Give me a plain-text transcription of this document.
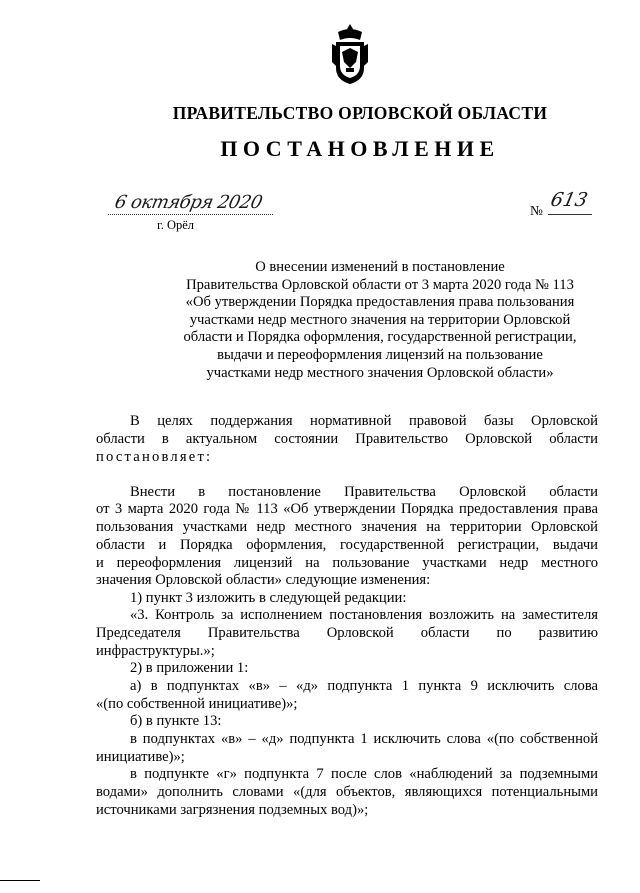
ПРАВИТЕЛЬСТВО ОРЛОВСКОЙ ОБЛАСТИ
ПОСТАНОВЛЕНИЕ
6 октября 2020
г. Орёл
№ 613
О внесении изменений в постановление
Правительства Орловской области от 3 марта 2020 года № 113
«Об утверждении Порядка предоставления права пользования
участками недр местного значения на территории Орловской
области и Порядка оформления, государственной регистрации,
выдачи и переоформления лицензий на пользование
участками недр местного значения Орловской области»
В целях поддержания нормативной правовой базы Орловской
области в актуальном состоянии Правительство Орловской области
постановляет:
Внести в постановление Правительства Орловской области
от 3 марта 2020 года № 113 «Об утверждении Порядка предоставления права
пользования участками недр местного значения на территории Орловской
области и Порядка оформления, государственной регистрации, выдачи
и переоформления лицензий на пользование участками недр местного
значения Орловской области» следующие изменения:
1) пункт 3 изложить в следующей редакции:
«3. Контроль за исполнением постановления возложить на заместителя
Председателя Правительства Орловской области по развитию
инфраструктуры.»;
2) в приложении 1:
а) в подпунктах «в» – «д» подпункта 1 пункта 9 исключить слова
«(по собственной инициативе)»;
б) в пункте 13:
в подпунктах «в» – «д» подпункта 1 исключить слова «(по собственной
инициативе)»;
в подпункте «г» подпункта 7 после слов «наблюдений за подземными
водами» дополнить словами «(для объектов, являющихся потенциальными
источниками загрязнения подземных вод)»;
